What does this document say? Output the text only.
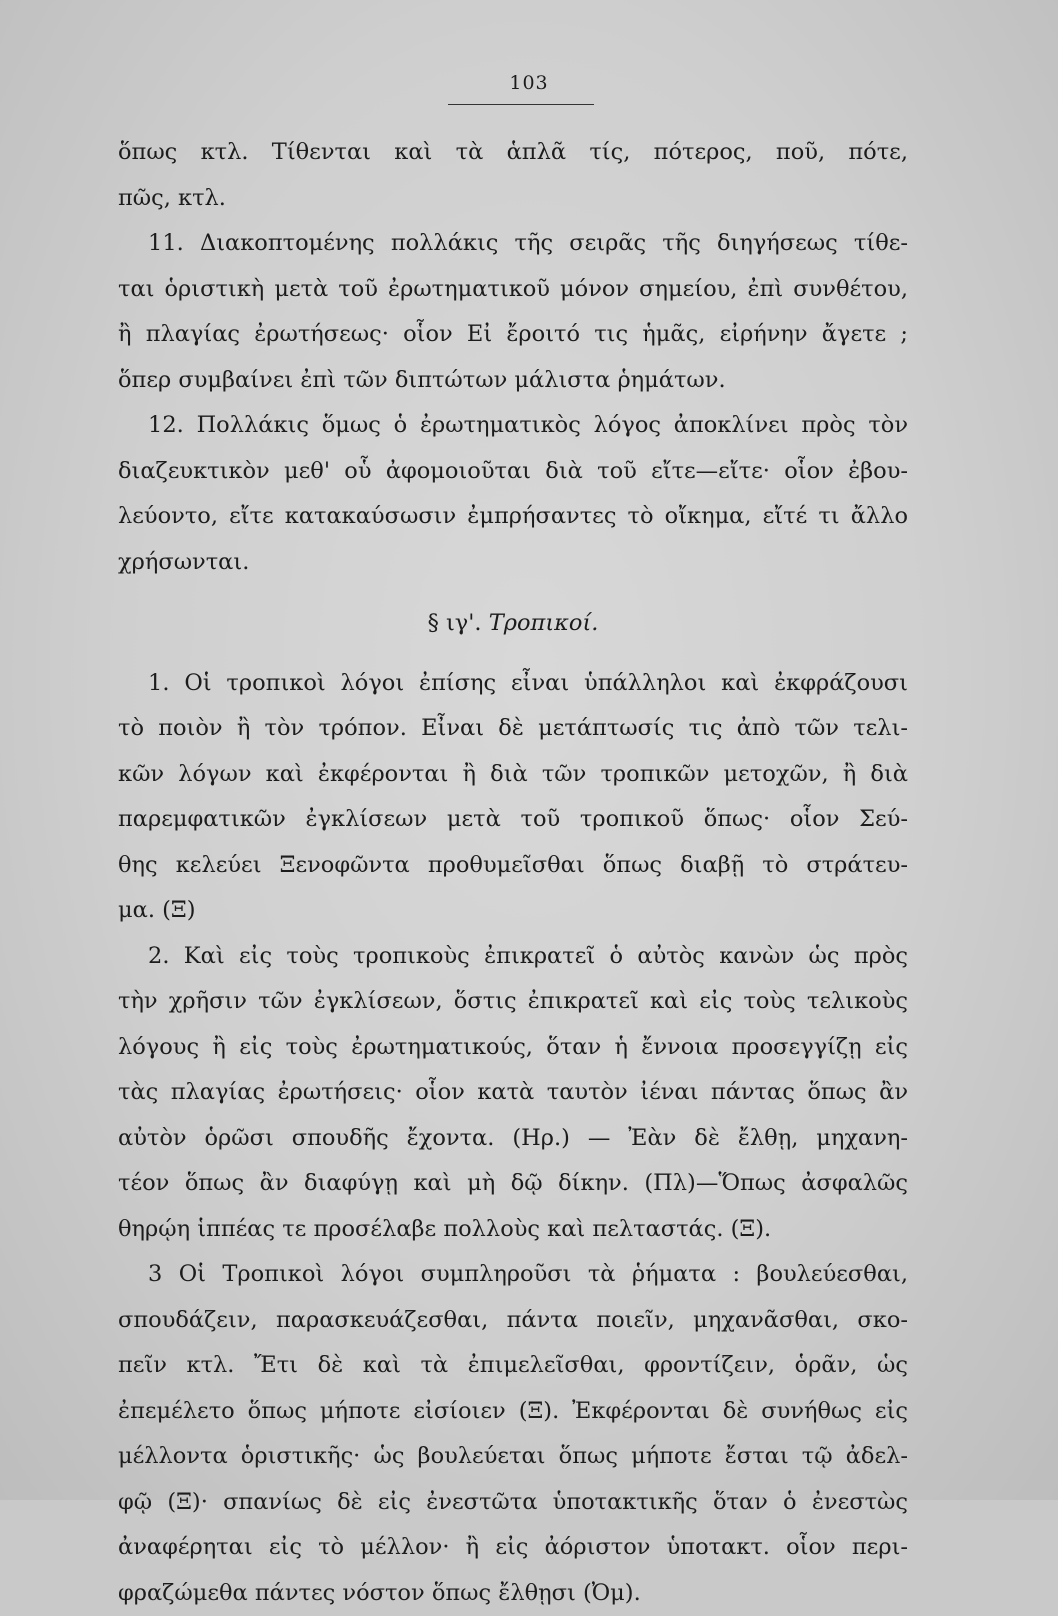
103
ὅπως κτλ. Τίθενται καὶ τὰ ἁπλᾶ τίς, πότερος, ποῦ, πότε,
πῶς, κτλ.
11. Διακοπτομένης πολλάκις τῆς σειρᾶς τῆς διηγήσεως τίθε-
ται ὁριστικὴ μετὰ τοῦ ἐρωτηματικοῦ μόνον σημείου, ἐπὶ συνθέτου,
ἢ πλαγίας ἐρωτήσεως· οἷον Εἰ ἔροιτό τις ἡμᾶς, εἰρήνην ἄγετε ;
ὅπερ συμβαίνει ἐπὶ τῶν διπτώτων μάλιστα ῥημάτων.
12. Πολλάκις ὅμως ὁ ἐρωτηματικὸς λόγος ἀποκλίνει πρὸς τὸν
διαζευκτικὸν μεθ' οὗ ἀφομοιοῦται διὰ τοῦ εἴτε—εἴτε· οἷον ἐβου-
λεύοντο, εἴτε κατακαύσωσιν ἐμπρήσαντες τὸ οἴκημα, εἴτέ τι ἄλλο
χρήσωνται.
§ ιγ'. Τροπικοί.
1. Οἱ τροπικοὶ λόγοι ἐπίσης εἶναι ὑπάλληλοι καὶ ἐκφράζουσι
τὸ ποιὸν ἢ τὸν τρόπον. Εἶναι δὲ μετάπτωσίς τις ἀπὸ τῶν τελι-
κῶν λόγων καὶ ἐκφέρονται ἢ διὰ τῶν τροπικῶν μετοχῶν, ἢ διὰ
παρεμφατικῶν ἐγκλίσεων μετὰ τοῦ τροπικοῦ ὅπως· οἷον Σεύ-
θης κελεύει Ξενοφῶντα προθυμεῖσθαι ὅπως διαβῇ τὸ στράτευ-
μα. (Ξ)
2. Καὶ εἰς τοὺς τροπικοὺς ἐπικρατεῖ ὁ αὐτὸς κανὼν ὡς πρὸς
τὴν χρῆσιν τῶν ἐγκλίσεων, ὅστις ἐπικρατεῖ καὶ εἰς τοὺς τελικοὺς
λόγους ἢ εἰς τοὺς ἐρωτηματικούς, ὅταν ἡ ἔννοια προσεγγίζῃ εἰς
τὰς πλαγίας ἐρωτήσεις· οἷον κατὰ ταυτὸν ἰέναι πάντας ὅπως ἂν
αὐτὸν ὁρῶσι σπουδῆς ἔχοντα. (Ηρ.) — Ἐὰν δὲ ἔλθῃ, μηχανη-
τέον ὅπως ἂν διαφύγῃ καὶ μὴ δῷ δίκην. (Πλ)—Ὅπως ἀσφαλῶς
θηρῴη ἱππέας τε προσέλαβε πολλοὺς καὶ πελταστάς. (Ξ).
3 Οἱ Τροπικοὶ λόγοι συμπληροῦσι τὰ ῥήματα : βουλεύεσθαι,
σπουδάζειν, παρασκευάζεσθαι, πάντα ποιεῖν, μηχανᾶσθαι, σκο-
πεῖν κτλ. Ἔτι δὲ καὶ τὰ ἐπιμελεῖσθαι, φροντίζειν, ὁρᾶν, ὡς
ἐπεμέλετο ὅπως μήποτε εἰσίοιεν (Ξ). Ἐκφέρονται δὲ συνήθως εἰς
μέλλοντα ὁριστικῆς· ὡς βουλεύεται ὅπως μήποτε ἔσται τῷ ἀδελ-
φῷ (Ξ)· σπανίως δὲ εἰς ἐνεστῶτα ὑποτακτικῆς ὅταν ὁ ἐνεστὼς
ἀναφέρηται εἰς τὸ μέλλον· ἢ εἰς ἀόριστον ὑποτακτ. οἷον περι-
φραζώμεθα πάντες νόστον ὅπως ἔλθῃσι (Ὀμ).
